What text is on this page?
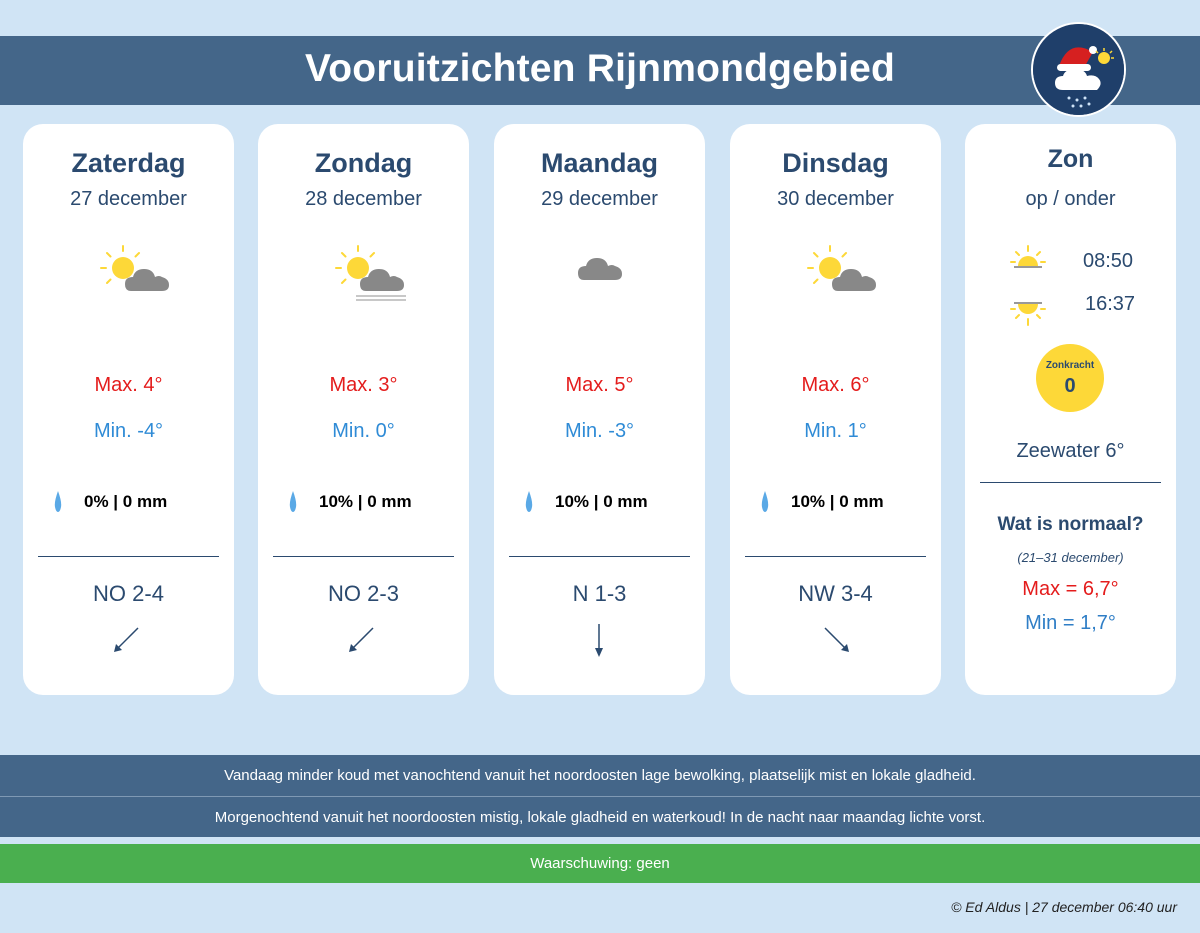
Vooruitzichten Rijnmondgebied
Zaterdag
27 december
Max. 4°
Min. -4°
0% | 0 mm
NO 2-4
Zondag
28 december
Max. 3°
Min. 0°
10% | 0 mm
NO 2-3
Maandag
29 december
Max. 5°
Min. -3°
10% | 0 mm
N 1-3
Dinsdag
30 december
Max. 6°
Min. 1°
10% | 0 mm
NW 3-4
Zon
op / onder
08:50
16:37
Zonkracht
0
Zeewater 6°
Wat is normaal?
(21–31 december)
Max = 6,7°
Min = 1,7°
Vandaag minder koud met vanochtend vanuit het noordoosten lage bewolking, plaatselijk mist en lokale gladheid.
Morgenochtend vanuit het noordoosten mistig, lokale gladheid en waterkoud! In de nacht naar maandag lichte vorst.
Waarschuwing: geen
© Ed Aldus | 27 december 06:40 uur
